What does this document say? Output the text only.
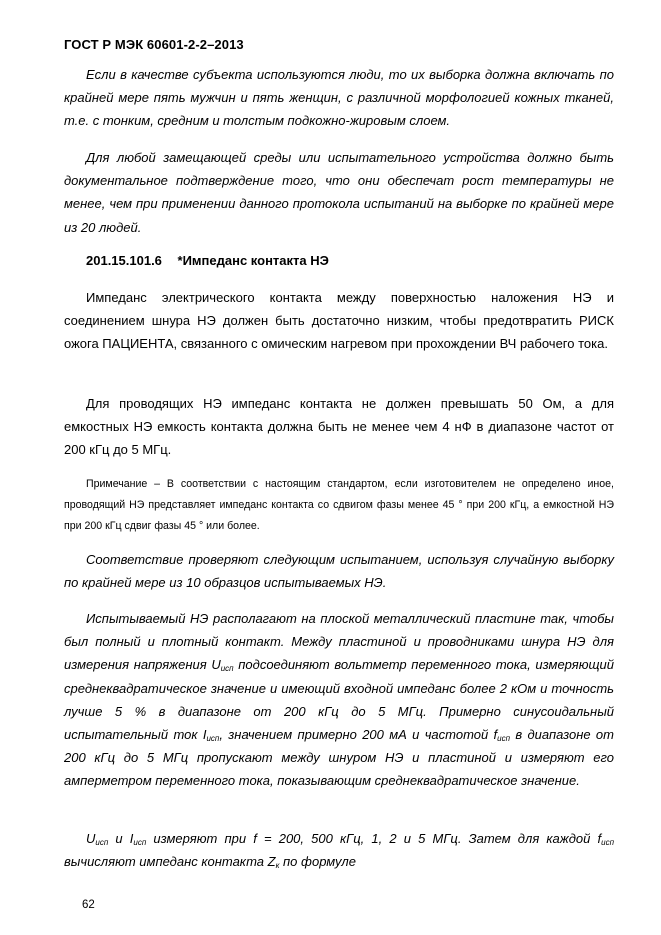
ГОСТ Р МЭК 60601-2-2–2013

Если в качестве субъекта используются люди, то их выборка должна включать по крайней мере пять мужчин и пять женщин, с различной морфологией кожных тканей, т.е. с тонким, средним и толстым подкожно-жировым слоем.

Для любой замещающей среды или испытательного устройства должно быть документальное подтверждение того, что они обеспечат рост температуры не менее, чем при применении данного протокола испытаний на выборке по крайней мере из 20 людей.

201.15.101.6 *Импеданс контакта НЭ

Импеданс электрического контакта между поверхностью наложения НЭ и соединением шнура НЭ должен быть достаточно низким, чтобы предотвратить РИСК ожога ПАЦИЕНТА, связанного с омическим нагревом при прохождении ВЧ рабочего тока.

Для проводящих НЭ импеданс контакта не должен превышать 50 Ом, а для емкостных НЭ емкость контакта должна быть не менее чем 4 нФ в диапазоне частот от 200 кГц до 5 МГц.

Примечание – В соответствии с настоящим стандартом, если изготовителем не определено иное, проводящий НЭ представляет импеданс контакта со сдвигом фазы менее 45 ° при 200 кГц, а емкостной НЭ при 200 кГц сдвиг фазы 45 ° или более.

Соответствие проверяют следующим испытанием, используя случайную выборку по крайней мере из 10 образцов испытываемых НЭ.

Испытываемый НЭ располагают на плоской металлический пластине так, чтобы был полный и плотный контакт. Между пластиной и проводниками шнура НЭ для измерения напряжения $U_{исп}$ подсоединяют вольтметр переменного тока, измеряющий среднеквадратическое значение и имеющий входной импеданс более 2 кОм и точность лучше 5 % в диапазоне от 200 кГц до 5 МГц. Примерно синусоидальный испытательный ток $I_{исп}$, значением примерно 200 мА и частотой $f_{исп}$ в диапазоне от 200 кГц до 5 МГц пропускают между шнуром НЭ и пластиной и измеряют его амперметром переменного тока, показывающим среднеквадратическое значение.

$U_{исп}$ и $I_{исп}$ измеряют при f = 200, 500 кГц, 1, 2 и 5 МГц. Затем для каждой $f_{исп}$ вычисляют импеданс контакта $Z_к$ по формуле

62
